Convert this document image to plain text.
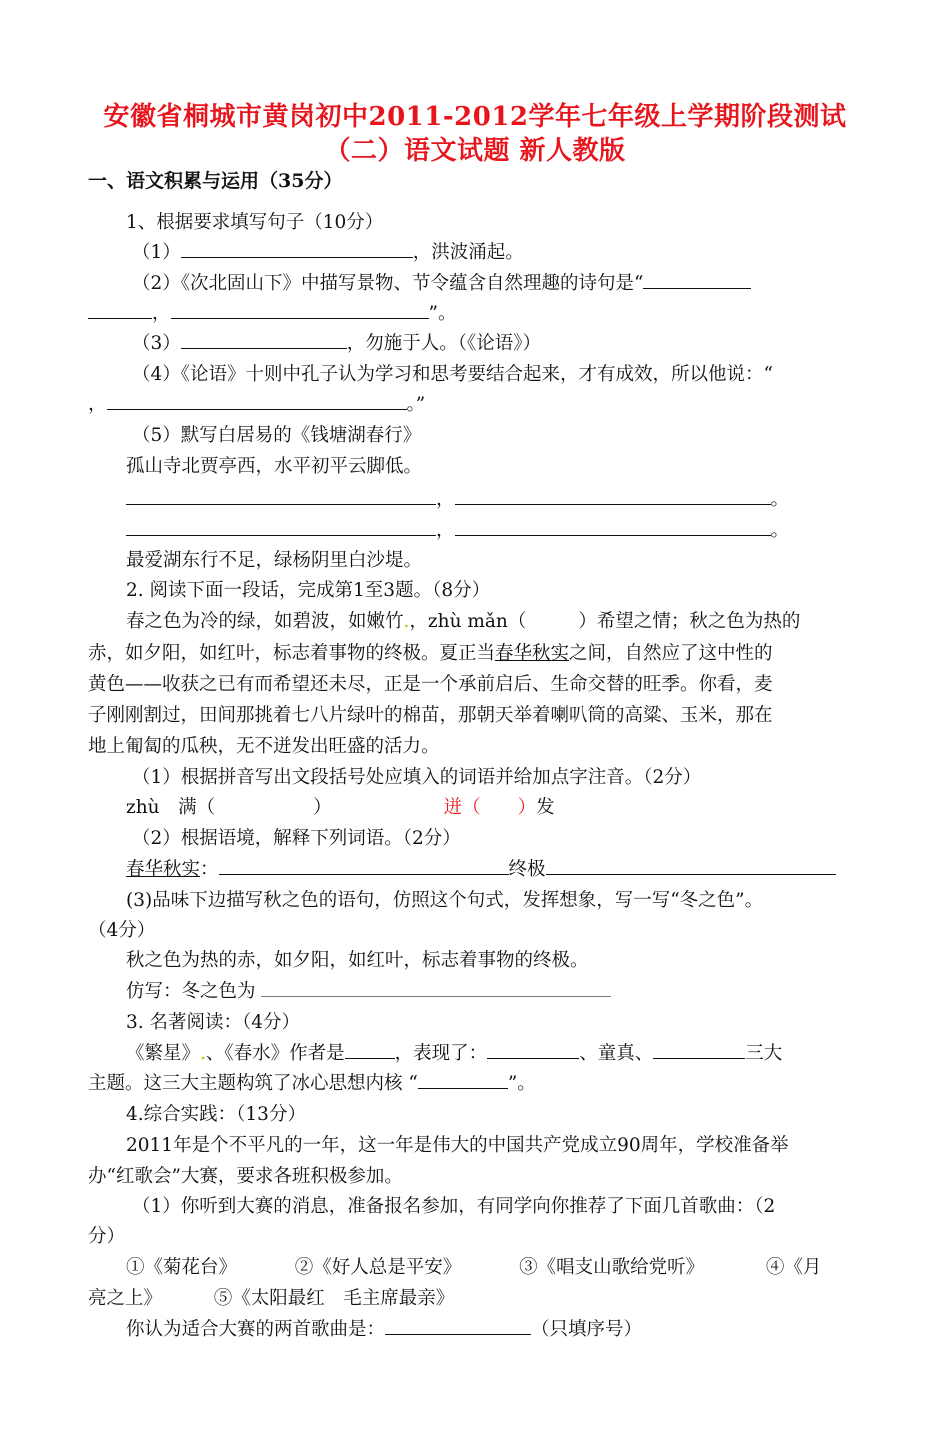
安徽省桐城市黄岗初中2011-2012学年七年级上学期阶段测试
（二）语文试题 新人教版
一、语文积累与运用（35分）
1、根据要求填写句子（10分）
（1）	，洪波涌起。
（2）《次北固山下》中描写景物、节令蕴含自然理趣的诗句是“
，	”。
（3）	，勿施于人。（《论语》）
（4）《论语》十则中孔子认为学习和思考要结合起来，才有成效，所以他说：“
，	。”
（5）默写白居易的《钱塘湖春行》
孤山寺北贾亭西，水平初平云脚低。
，	。
，	。
最爱湖东行不足，绿杨阴里白沙堤。
2. 阅读下面一段话，完成第1至3题。（8分）
春之色为冷的绿，如碧波，如嫩竹.，zhù mǎn（	）希望之情；秋之色为热的
赤，如夕阳，如红叶，标志着事物的终极。夏正当春华秋实之间，自然应了这中性的
黄色——收获之已有而希望还未尽，正是一个承前启后、生命交替的旺季。你看，麦
子刚刚割过，田间那挑着七八片绿叶的棉苗，那朝天举着喇叭筒的高粱、玉米，那在
地上匍匐的瓜秧，无不迸发出旺盛的活力。
（1）根据拼音写出文段括号处应填入的词语并给加点字注音。（2分）
zhù　满（	）	迸（　　）发
（2）根据语境，解释下列词语。（2分）
春华秋实：	终极
(3)品味下边描写秋之色的语句，仿照这个句式，发挥想象，写一写“冬之色”。
（4分）
秋之色为热的赤，如夕阳，如红叶，标志着事物的终极。
仿写：冬之色为
3. 名著阅读：（4分）
《繁星》.、《春水》作者是	，表现了：	、童真、	三大
主题。这三大主题构筑了冰心思想内核 “	”。
4.综合实践：（13分）
2011年是个不平凡的一年，这一年是伟大的中国共产党成立90周年，学校准备举
办“红歌会”大赛，要求各班积极参加。
（1）你听到大赛的消息，准备报名参加，有同学向你推荐了下面几首歌曲：（2
分）
①《菊花台》	②《好人总是平安》	③《唱支山歌给党听》	④《月
亮之上》	⑤《太阳最红　毛主席最亲》
你认为适合大赛的两首歌曲是：	（只填序号）
